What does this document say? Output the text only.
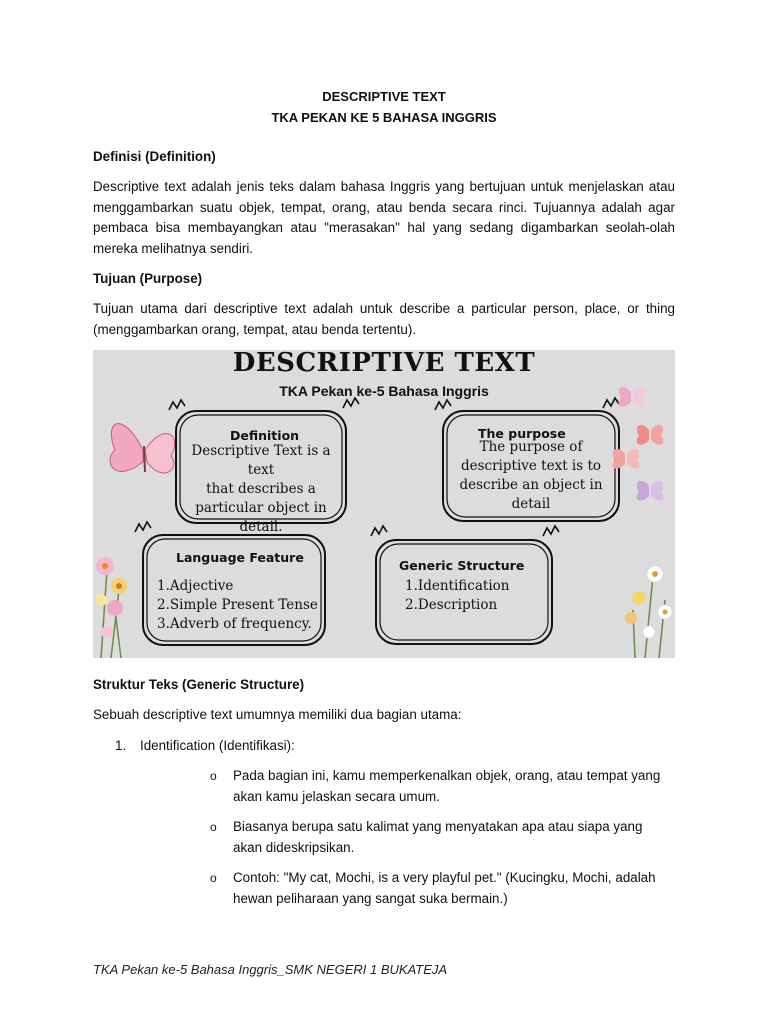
DESCRIPTIVE TEXT

TKA PEKAN KE 5 BAHASA INGGRIS

Definisi (Definition)

Descriptive text adalah jenis teks dalam bahasa Inggris yang bertujuan untuk menjelaskan atau menggambarkan suatu objek, tempat, orang, atau benda secara rinci. Tujuannya adalah agar pembaca bisa membayangkan atau "merasakan" hal yang sedang digambarkan seolah-olah mereka melihatnya sendiri.

Tujuan (Purpose)

Tujuan utama dari descriptive text adalah untuk describe a particular person, place, or thing (menggambarkan orang, tempat, atau benda tertentu).

DESCRIPTIVE TEXT
TKA Pekan ke-5 Bahasa Inggris
Definition
Descriptive Text is a text
that describes a
particular object in
detail.
The purpose
The purpose of
descriptive text is to
describe an object in
detail
Language Feature
1.Adjective
2.Simple Present Tense
3.Adverb of frequency.
Generic Structure
1.Identification
2.Description
Struktur Teks (Generic Structure)

Sebuah descriptive text umumnya memiliki dua bagian utama:

1. Identification (Identifikasi):
o Pada bagian ini, kamu memperkenalkan objek, orang, atau tempat yang akan kamu jelaskan secara umum.
o Biasanya berupa satu kalimat yang menyatakan apa atau siapa yang akan dideskripsikan.
o Contoh: "My cat, Mochi, is a very playful pet." (Kucingku, Mochi, adalah hewan peliharaan yang sangat suka bermain.)
TKA Pekan ke-5 Bahasa Inggris_SMK NEGERI 1 BUKATEJA
